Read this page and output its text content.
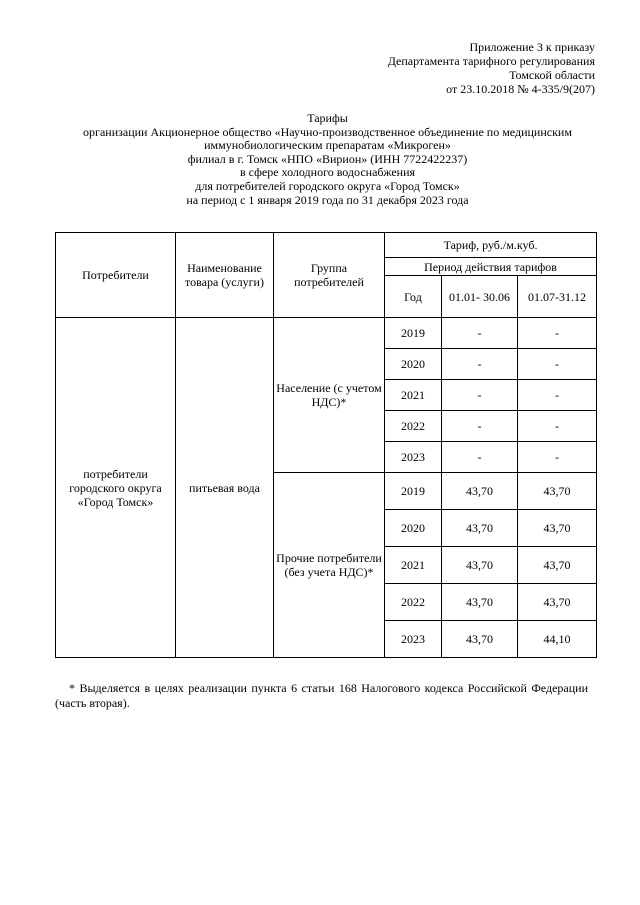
Приложение 3 к приказу
Департамента тарифного регулирования
Томской области
от 23.10.2018 № 4-335/9(207)
Тарифы
организации Акционерное общество «Научно-производственное объединение по медицинским
иммунобиологическим препаратам «Микроген»
филиал в г. Томск «НПО «Вирион» (ИНН 7722422237)
в сфере холодного водоснабжения
для потребителей городского округа «Город Томск»
на период с 1 января 2019 года по 31 декабря 2023 года
Потребители	Наименование товара (услуги)	Группа потребителей	Тариф, руб./м.куб.		
			Период действия тарифов		
			Год	01.01- 30.06	01.07-31.12
потребители городского округа «Город Томск»	питьевая вода	Население (с учетом НДС)*	2019	-	-
			2020	-	-
			2021	-	-
			2022	-	-
			2023	-	-
		Прочие потребители (без учета НДС)*	2019	43,70	43,70
			2020	43,70	43,70
			2021	43,70	43,70
			2022	43,70	43,70
			2023	43,70	44,10
* Выделяется в целях реализации пункта 6 статьи 168 Налогового кодекса Российской Федерации (часть вторая).
